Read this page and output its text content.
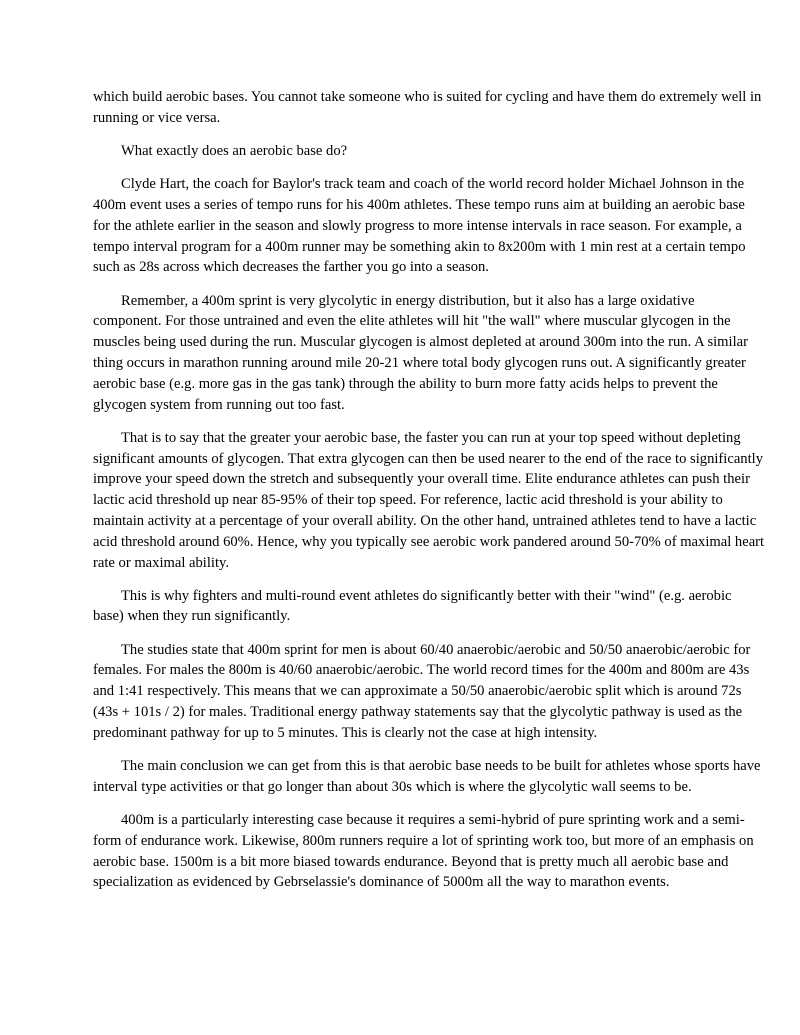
which build aerobic bases. You cannot take someone who is suited for cycling and have them do extremely well in running or vice versa.

What exactly does an aerobic base do?

Clyde Hart, the coach for Baylor's track team and coach of the world record holder Michael Johnson in the 400m event uses a series of tempo runs for his 400m athletes. These tempo runs aim at building an aerobic base for the athlete earlier in the season and slowly progress to more intense intervals in race season. For example, a tempo interval program for a 400m runner may be something akin to 8x200m with 1 min rest at a certain tempo such as 28s across which decreases the farther you go into a season.

Remember, a 400m sprint is very glycolytic in energy distribution, but it also has a large oxidative component. For those untrained and even the elite athletes will hit "the wall" where muscular glycogen in the muscles being used during the run. Muscular glycogen is almost depleted at around 300m into the run. A similar thing occurs in marathon running around mile 20-21 where total body glycogen runs out. A significantly greater aerobic base (e.g. more gas in the gas tank) through the ability to burn more fatty acids helps to prevent the glycogen system from running out too fast.

That is to say that the greater your aerobic base, the faster you can run at your top speed without depleting significant amounts of glycogen. That extra glycogen can then be used nearer to the end of the race to significantly improve your speed down the stretch and subsequently your overall time. Elite endurance athletes can push their lactic acid threshold up near 85-95% of their top speed. For reference, lactic acid threshold is your ability to maintain activity at a percentage of your overall ability. On the other hand, untrained athletes tend to have a lactic acid threshold around 60%. Hence, why you typically see aerobic work pandered around 50-70% of maximal heart rate or maximal ability.

This is why fighters and multi-round event athletes do significantly better with their "wind" (e.g. aerobic base) when they run significantly.

The studies state that 400m sprint for men is about 60/40 anaerobic/aerobic and 50/50 anaerobic/aerobic for females. For males the 800m is 40/60 anaerobic/aerobic. The world record times for the 400m and 800m are 43s and 1:41 respectively. This means that we can approximate a 50/50 anaerobic/aerobic split which is around 72s (43s + 101s / 2) for males. Traditional energy pathway statements say that the glycolytic pathway is used as the predominant pathway for up to 5 minutes. This is clearly not the case at high intensity.

The main conclusion we can get from this is that aerobic base needs to be built for athletes whose sports have interval type activities or that go longer than about 30s which is where the glycolytic wall seems to be.

400m is a particularly interesting case because it requires a semi-hybrid of pure sprinting work and a semi-form of endurance work. Likewise, 800m runners require a lot of sprinting work too, but more of an emphasis on aerobic base. 1500m is a bit more biased towards endurance. Beyond that is pretty much all aerobic base and specialization as evidenced by Gebrselassie's dominance of 5000m all the way to marathon events.
